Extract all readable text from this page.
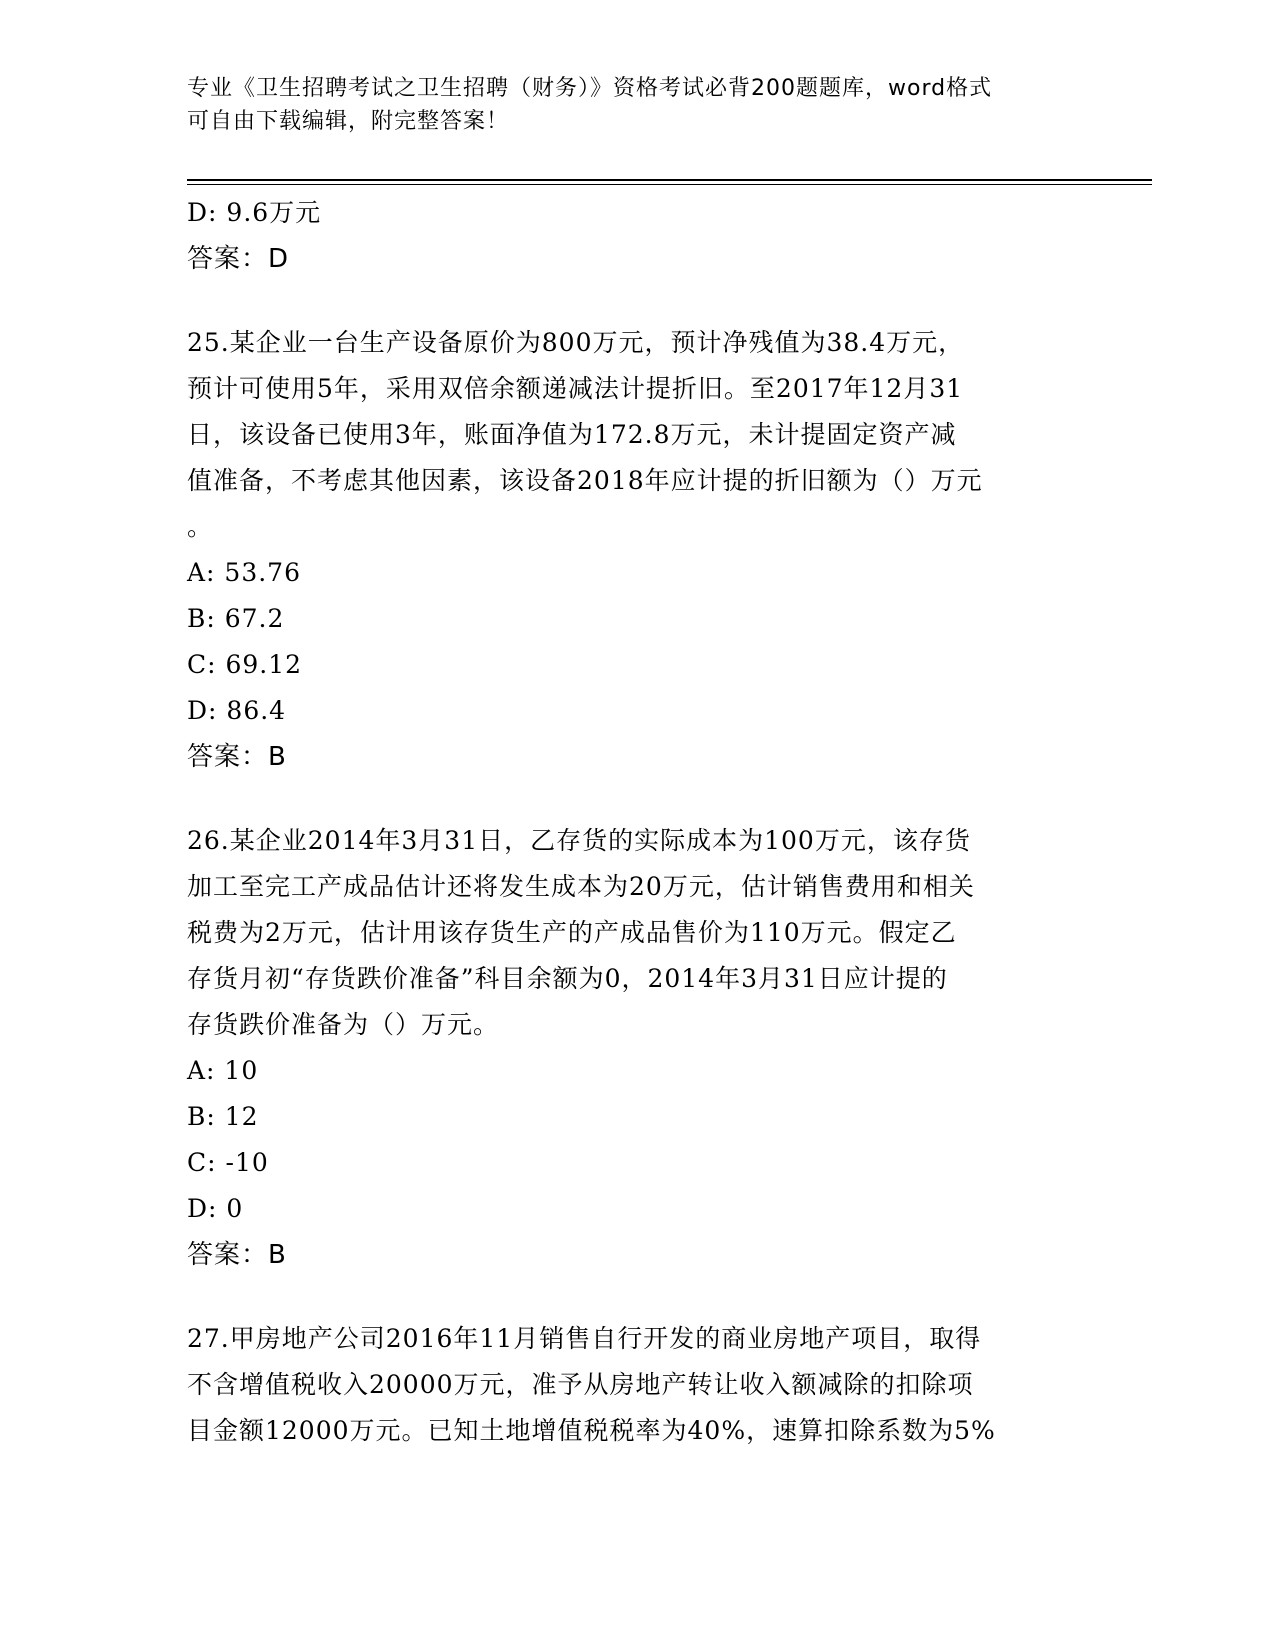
专业《卫生招聘考试之卫生招聘（财务）》资格考试必背200题题库，word格式
可自由下载编辑，附完整答案！
D: 9.6万元
答案：D
25.某企业一台生产设备原价为800万元，预计净残值为38.4万元，
预计可使用5年，采用双倍余额递减法计提折旧。至2017年12月31
日，该设备已使用3年，账面净值为172.8万元，未计提固定资产减
值准备，不考虑其他因素，该设备2018年应计提的折旧额为（）万元
。
A: 53.76
B: 67.2
C: 69.12
D: 86.4
答案：B
26.某企业2014年3月31日，乙存货的实际成本为100万元，该存货
加工至完工产成品估计还将发生成本为20万元，估计销售费用和相关
税费为2万元，估计用该存货生产的产成品售价为110万元。假定乙
存货月初“存货跌价准备”科目余额为0，2014年3月31日应计提的
存货跌价准备为（）万元。
A: 10
B: 12
C: -10
D: 0
答案：B
27.甲房地产公司2016年11月销售自行开发的商业房地产项目，取得
不含增值税收入20000万元，准予从房地产转让收入额减除的扣除项
目金额12000万元。已知土地增值税税率为40%，速算扣除系数为5%
